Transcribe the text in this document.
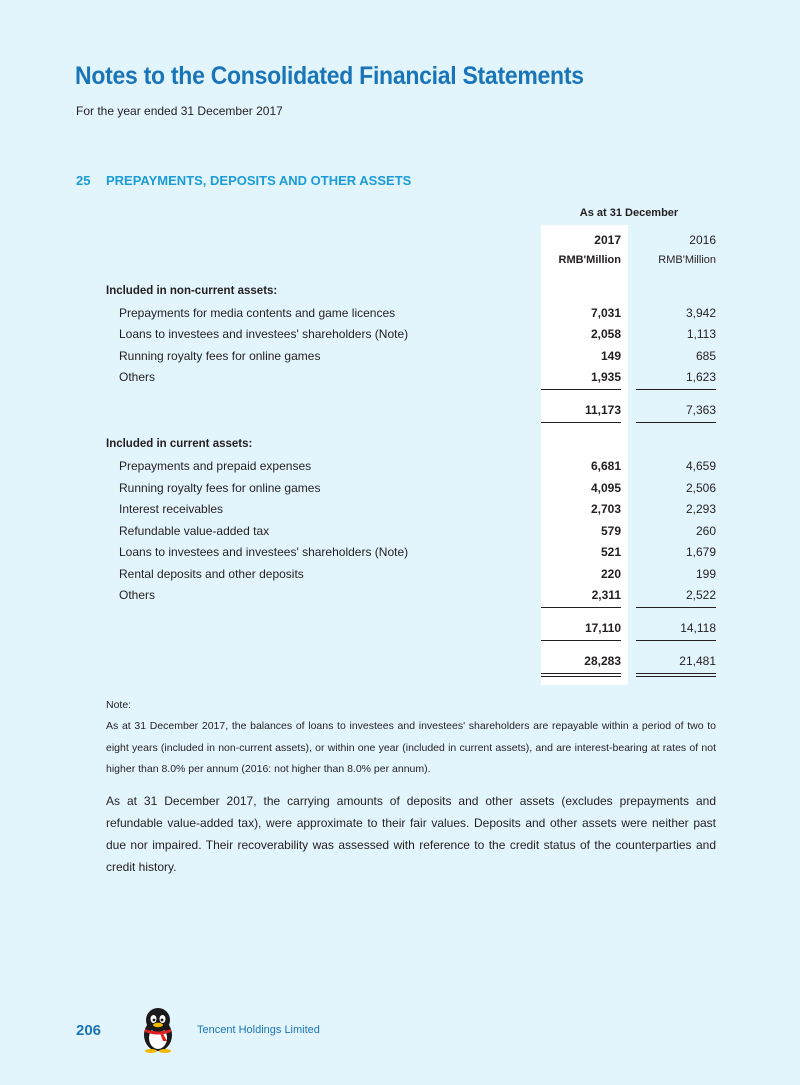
Notes to the Consolidated Financial Statements
For the year ended 31 December 2017
25 PREPAYMENTS, DEPOSITS AND OTHER ASSETS
As at 31 December
2017	2016
RMB'Million	RMB'Million
Included in non-current assets:
Prepayments for media contents and game licences	7,031	3,942
Loans to investees and investees' shareholders (Note)	2,058	1,113
Running royalty fees for online games	149	685
Others	1,935	1,623
11,173	7,363
Included in current assets:
Prepayments and prepaid expenses	6,681	4,659
Running royalty fees for online games	4,095	2,506
Interest receivables	2,703	2,293
Refundable value-added tax	579	260
Loans to investees and investees' shareholders (Note)	521	1,679
Rental deposits and other deposits	220	199
Others	2,311	2,522
17,110	14,118
28,283	21,481
Note:
As at 31 December 2017, the balances of loans to investees and investees' shareholders are repayable within a period of two to eight years (included in non-current assets), or within one year (included in current assets), and are interest-bearing at rates of not higher than 8.0% per annum (2016: not higher than 8.0% per annum).
As at 31 December 2017, the carrying amounts of deposits and other assets (excludes prepayments and refundable value-added tax), were approximate to their fair values. Deposits and other assets were neither past due nor impaired. Their recoverability was assessed with reference to the credit status of the counterparties and credit history.
206	Tencent Holdings Limited
